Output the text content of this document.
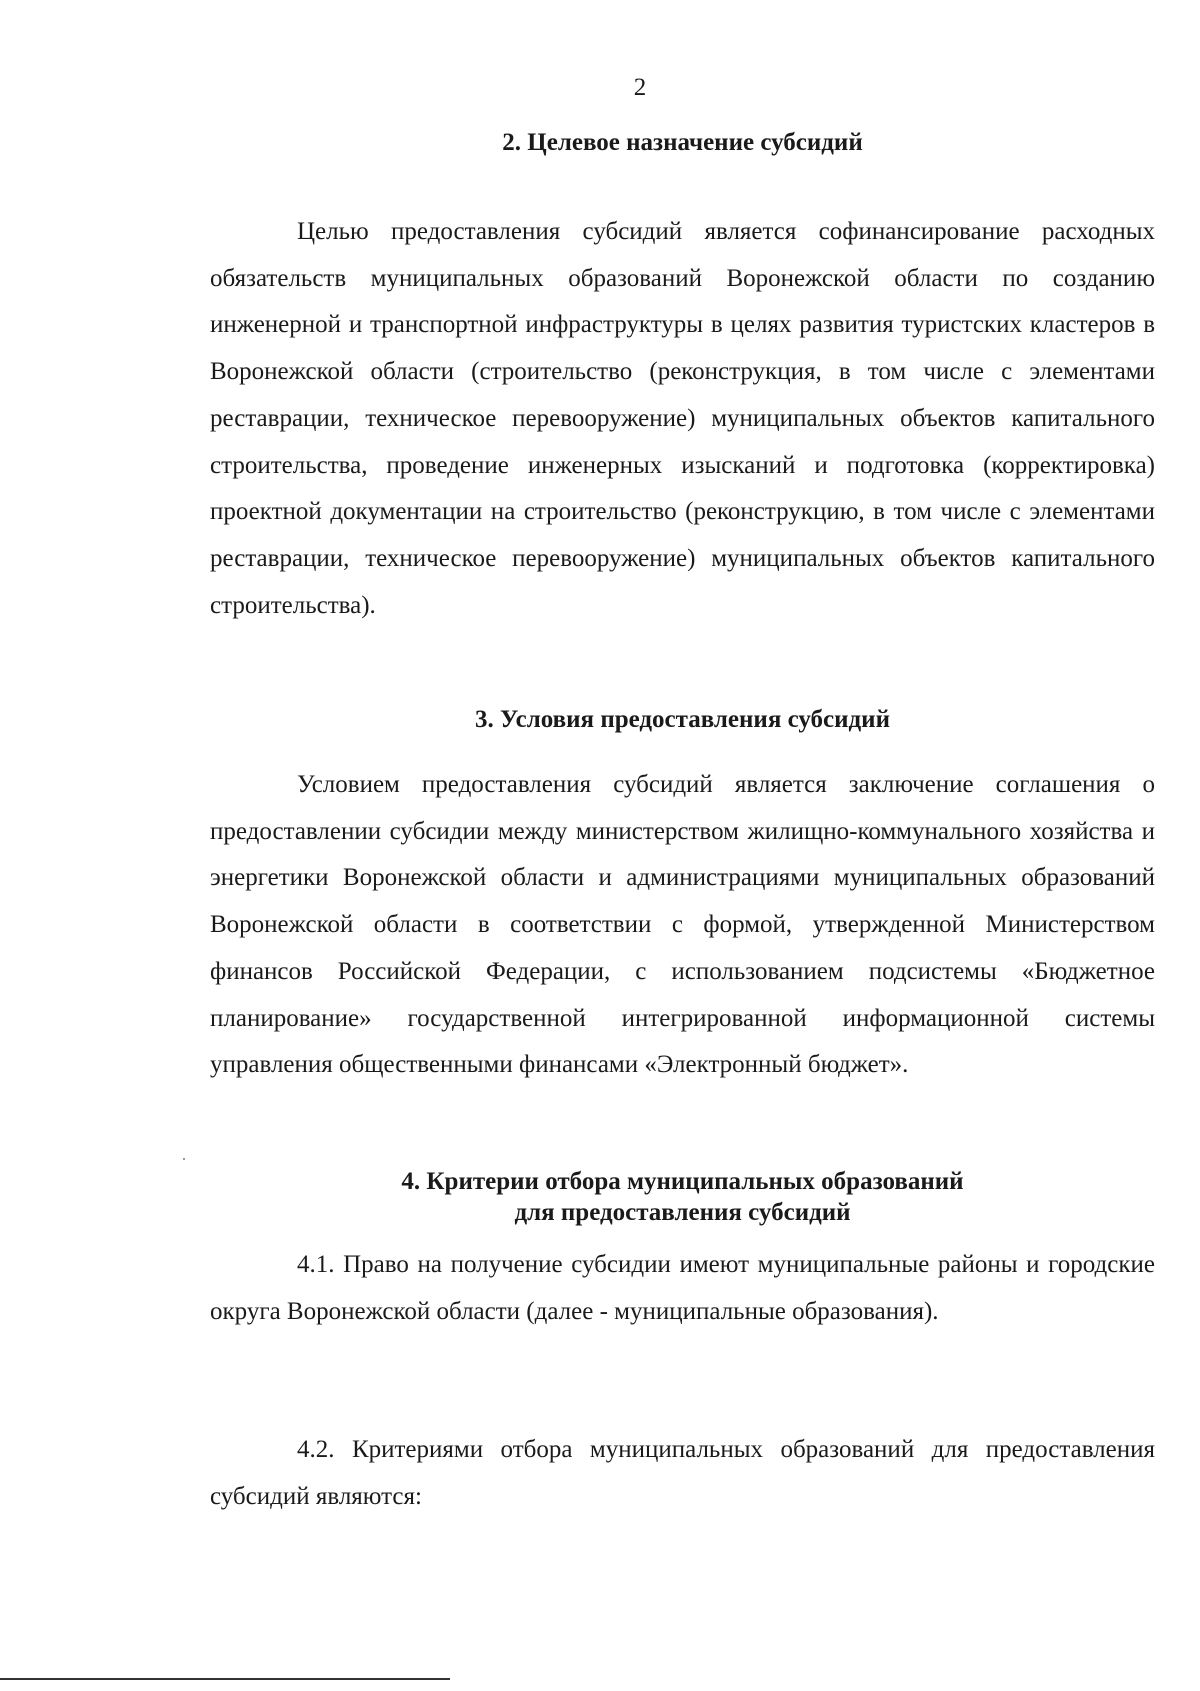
2
2. Целевое назначение субсидий

Целью предоставления субсидий является софинансирование расходных обязательств муниципальных образований Воронежской области по созданию инженерной и транспортной инфраструктуры в целях развития туристских кластеров в Воронежской области (строительство (реконструкция, в том числе с элементами реставрации, техническое перевооружение) муниципальных объектов капитального строительства, проведение инженерных изысканий и подготовка (корректировка) проектной документации на строительство (реконструкцию, в том числе с элементами реставрации, техническое перевооружение) муниципальных объектов капитального строительства).

3. Условия предоставления субсидий

Условием предоставления субсидий является заключение соглашения о предоставлении субсидии между министерством жилищно-коммунального хозяйства и энергетики Воронежской области и администрациями муниципальных образований Воронежской области в соответствии с формой, утвержденной Министерством финансов Российской Федерации, с использованием подсистемы «Бюджетное планирование» государственной интегрированной информационной системы управления общественными финансами «Электронный бюджет».

4. Критерии отбора муниципальных образований
для предоставления субсидий

4.1. Право на получение субсидии имеют муниципальные районы и городские округа Воронежской области (далее - муниципальные образования).

4.2. Критериями отбора муниципальных образований для предоставления субсидий являются:
